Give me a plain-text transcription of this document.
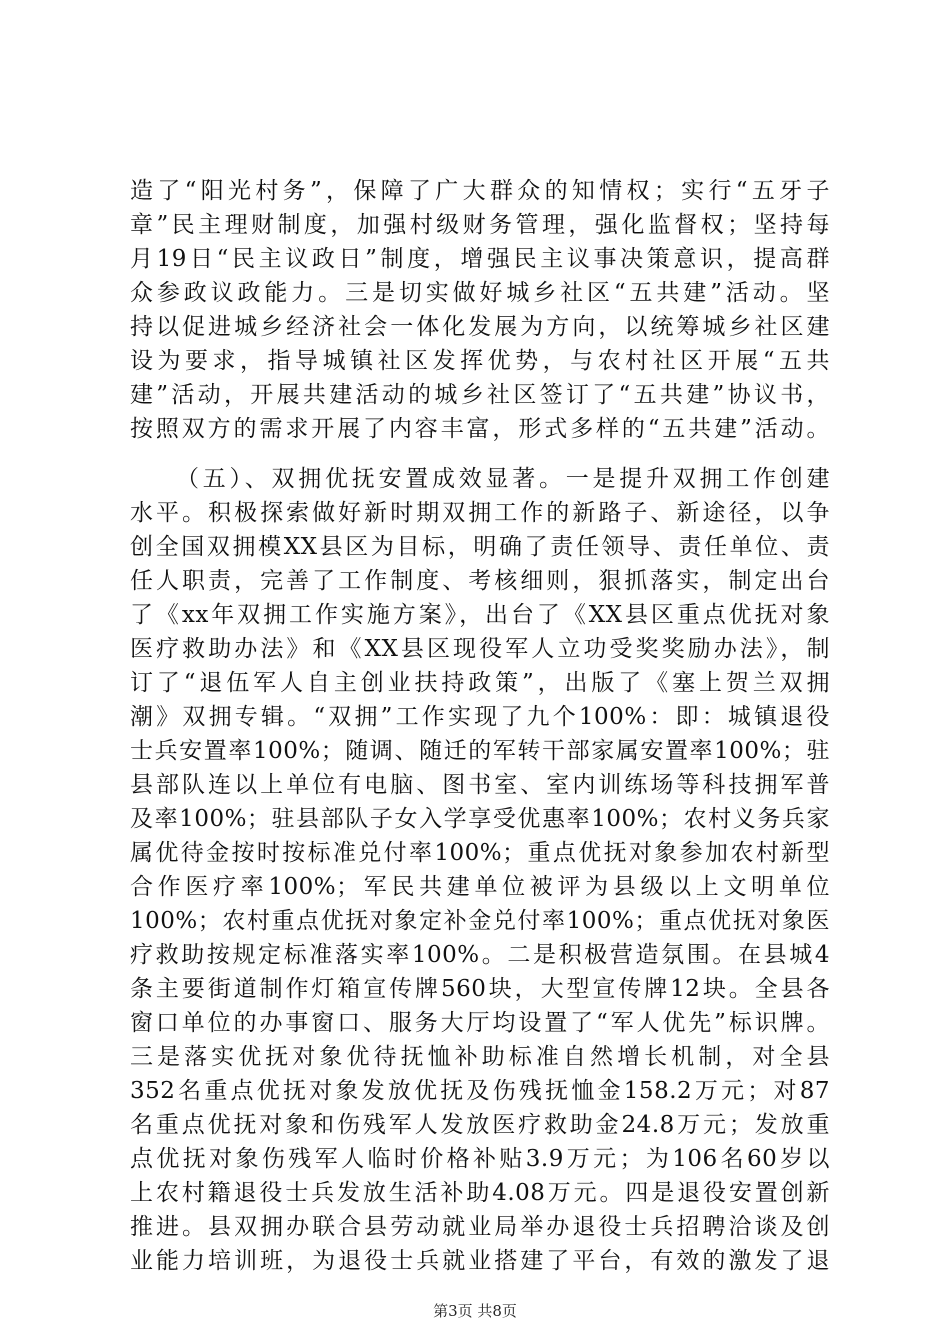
造了“阳光村务”，保障了广大群众的知情权；实行“五牙子
章”民主理财制度，加强村级财务管理，强化监督权；坚持每
月19日“民主议政日”制度，增强民主议事决策意识，提高群
众参政议政能力。三是切实做好城乡社区“五共建”活动。坚
持以促进城乡经济社会一体化发展为方向，以统筹城乡社区建
设为要求，指导城镇社区发挥优势，与农村社区开展“五共
建”活动，开展共建活动的城乡社区签订了“五共建”协议书，
按照双方的需求开展了内容丰富，形式多样的“五共建”活动。
（五）、双拥优抚安置成效显著。一是提升双拥工作创建
水平。积极探索做好新时期双拥工作的新路子、新途径，以争
创全国双拥模XX县区为目标，明确了责任领导、责任单位、责
任人职责，完善了工作制度、考核细则，狠抓落实，制定出台
了《xx年双拥工作实施方案》，出台了《XX县区重点优抚对象
医疗救助办法》和《XX县区现役军人立功受奖奖励办法》，制
订了“退伍军人自主创业扶持政策”，出版了《塞上贺兰双拥
潮》双拥专辑。“双拥”工作实现了九个100%：即：城镇退役
士兵安置率100%；随调、随迁的军转干部家属安置率100%；驻
县部队连以上单位有电脑、图书室、室内训练场等科技拥军普
及率100%；驻县部队子女入学享受优惠率100%；农村义务兵家
属优待金按时按标准兑付率100%；重点优抚对象参加农村新型
合作医疗率100%；军民共建单位被评为县级以上文明单位
100%；农村重点优抚对象定补金兑付率100%；重点优抚对象医
疗救助按规定标准落实率100%。二是积极营造氛围。在县城4
条主要街道制作灯箱宣传牌560块，大型宣传牌12块。全县各
窗口单位的办事窗口、服务大厅均设置了“军人优先”标识牌。
三是落实优抚对象优待抚恤补助标准自然增长机制，对全县
352名重点优抚对象发放优抚及伤残抚恤金158.2万元；对87
名重点优抚对象和伤残军人发放医疗救助金24.8万元；发放重
点优抚对象伤残军人临时价格补贴3.9万元；为106名60岁以
上农村籍退役士兵发放生活补助4.08万元。四是退役安置创新
推进。县双拥办联合县劳动就业局举办退役士兵招聘洽谈及创
业能力培训班，为退役士兵就业搭建了平台，有效的激发了退
第3页 共8页
